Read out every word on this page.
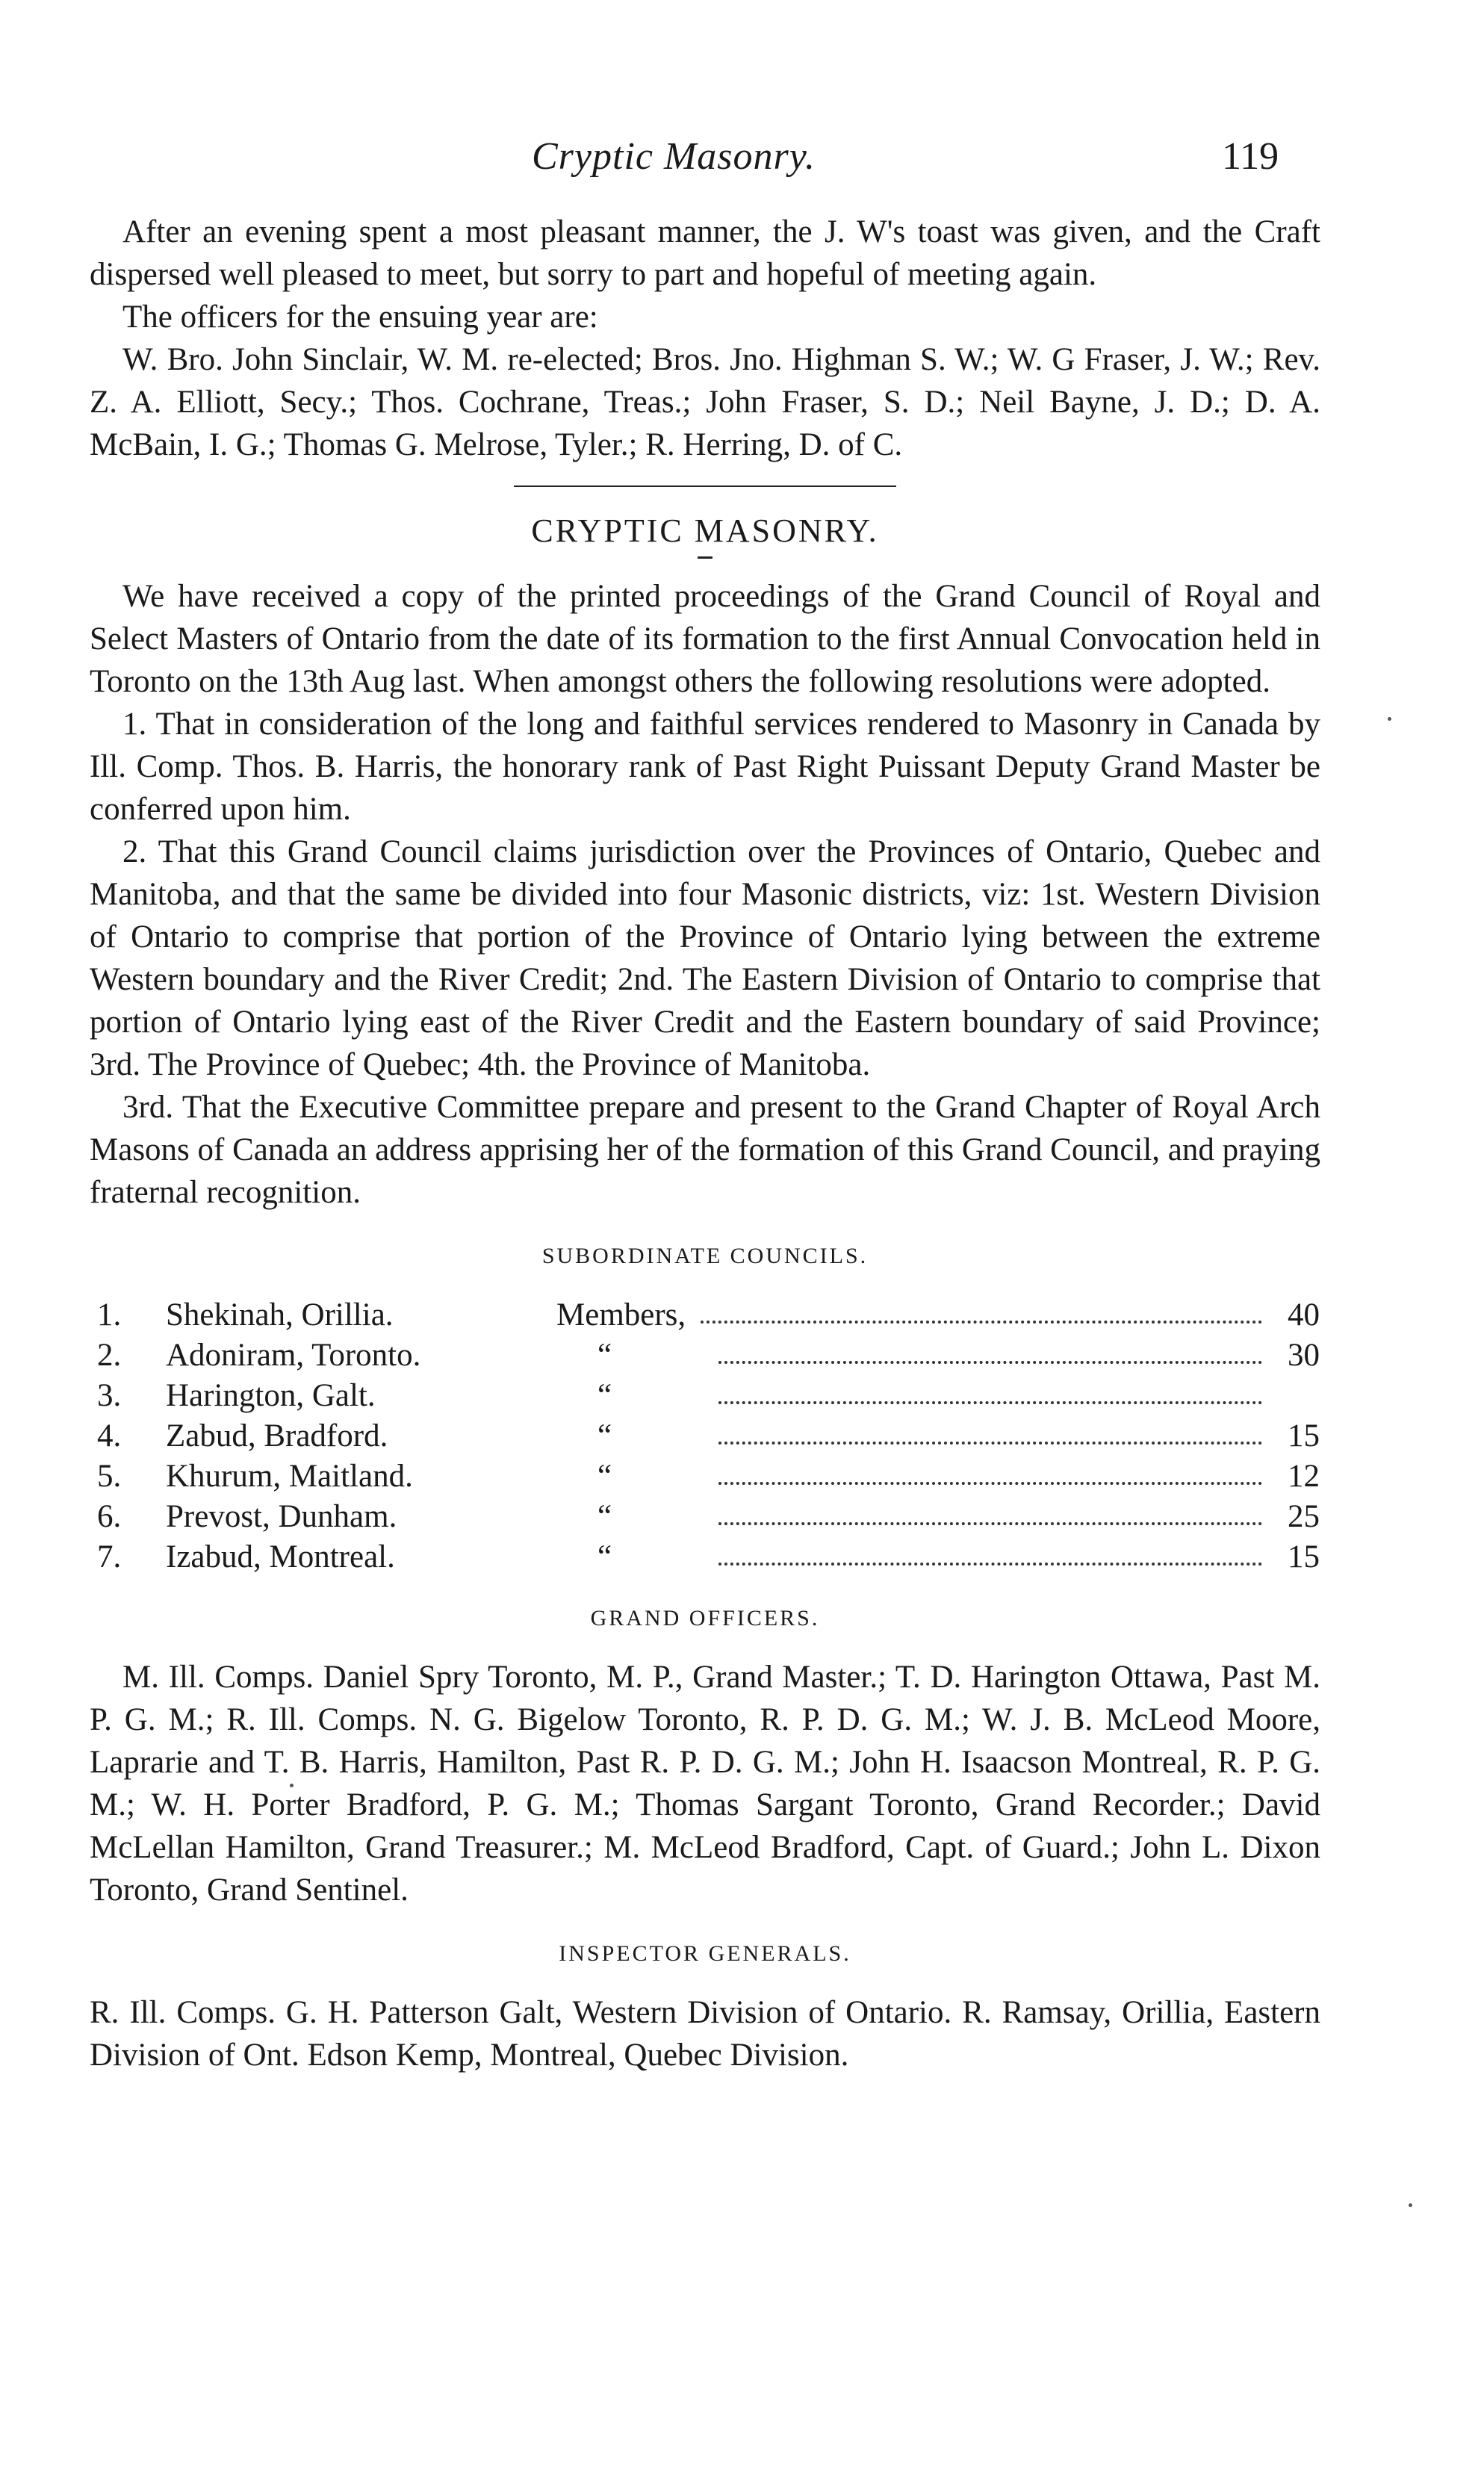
Cryptic Masonry.	119

After an evening spent a most pleasant manner, the J. W's toast was given, and the Craft dispersed well pleased to meet, but sorry to part and hopeful of meeting again.

The officers for the ensuing year are:

W. Bro. John Sinclair, W. M. re-elected; Bros. Jno. Highman S. W.; W. G Fraser, J. W.; Rev. Z. A. Elliott, Secy.; Thos. Cochrane, Treas.; John Fraser, S. D.; Neil Bayne, J. D.; D. A. McBain, I. G.; Thomas G. Melrose, Tyler.; R. Herring, D. of C.

CRYPTIC MASONRY.

We have received a copy of the printed proceedings of the Grand Council of Royal and Select Masters of Ontario from the date of its formation to the first Annual Convocation held in Toronto on the 13th Aug last. When amongst others the following resolutions were adopted.

1. That in consideration of the long and faithful services rendered to Masonry in Canada by Ill. Comp. Thos. B. Harris, the honorary rank of Past Right Puissant Deputy Grand Master be conferred upon him.

2. That this Grand Council claims jurisdiction over the Provinces of Ontario, Quebec and Manitoba, and that the same be divided into four Masonic districts, viz: 1st. Western Division of Ontario to comprise that portion of the Province of Ontario lying between the extreme Western boundary and the River Credit; 2nd. The Eastern Division of Ontario to comprise that portion of Ontario lying east of the River Credit and the Eastern boundary of said Province; 3rd. The Province of Quebec; 4th. the Province of Manitoba.

3rd. That the Executive Committee prepare and present to the Grand Chapter of Royal Arch Masons of Canada an address apprising her of the formation of this Grand Council, and praying fraternal recognition.

SUBORDINATE COUNCILS.
1. Shekinah, Orillia.	Members,	40
2. Adoniram, Toronto.	“	30
3. Harington, Galt.	“
4. Zabud, Bradford.	“	15
5. Khurum, Maitland.	“	12
6. Prevost, Dunham.	“	25
7. Izabud, Montreal.	“	15
GRAND OFFICERS.

M. Ill. Comps. Daniel Spry Toronto, M. P., Grand Master.; T. D. Harington Ottawa, Past M. P. G. M.; R. Ill. Comps. N. G. Bigelow Toronto, R. P. D. G. M.; W. J. B. McLeod Moore, Laprarie and T. B. Harris, Hamilton, Past R. P. D. G. M.; John H. Isaacson Montreal, R. P. G. M.; W. H. Porter Bradford, P. G. M.; Thomas Sargant Toronto, Grand Recorder.; David McLellan Hamilton, Grand Treasurer.; M. McLeod Bradford, Capt. of Guard.; John L. Dixon Toronto, Grand Sentinel.

INSPECTOR GENERALS.

R. Ill. Comps. G. H. Patterson Galt, Western Division of Ontario. R. Ramsay, Orillia, Eastern Division of Ont. Edson Kemp, Montreal, Quebec Division.
